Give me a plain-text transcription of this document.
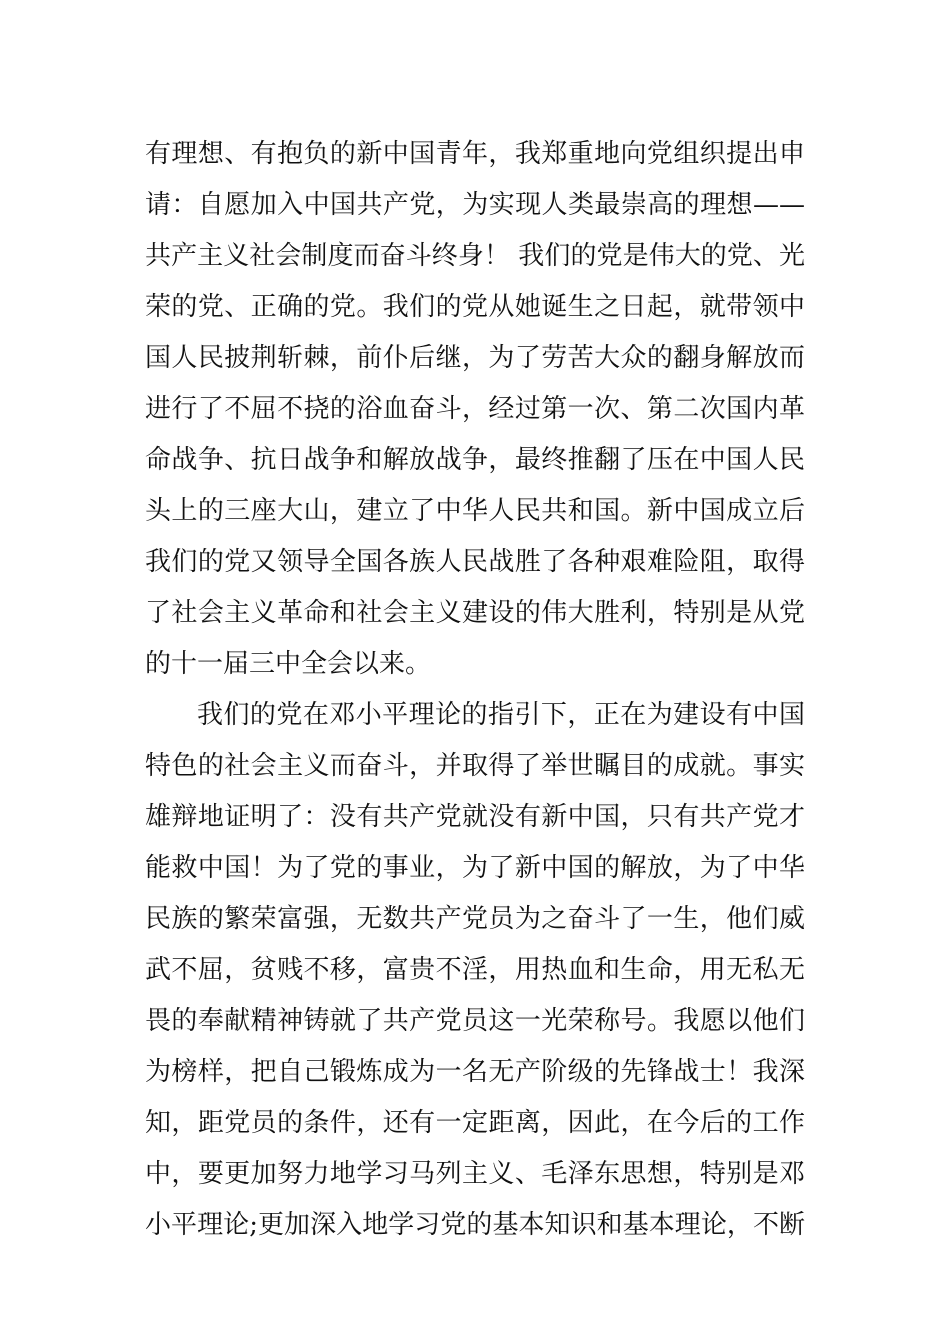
有理想、有抱负的新中国青年，我郑重地向党组织提出申
请：自愿加入中国共产党，为实现人类最崇高的理想——
共产主义社会制度而奋斗终身！ 我们的党是伟大的党、光
荣的党、正确的党。我们的党从她诞生之日起，就带领中
国人民披荆斩棘，前仆后继，为了劳苦大众的翻身解放而
进行了不屈不挠的浴血奋斗，经过第一次、第二次国内革
命战争、抗日战争和解放战争，最终推翻了压在中国人民
头上的三座大山，建立了中华人民共和国。新中国成立后
我们的党又领导全国各族人民战胜了各种艰难险阻，取得
了社会主义革命和社会主义建设的伟大胜利，特别是从党
的十一届三中全会以来。
我们的党在邓小平理论的指引下，正在为建设有中国
特色的社会主义而奋斗，并取得了举世瞩目的成就。事实
雄辩地证明了：没有共产党就没有新中国，只有共产党才
能救中国！为了党的事业，为了新中国的解放，为了中华
民族的繁荣富强，无数共产党员为之奋斗了一生，他们威
武不屈，贫贱不移，富贵不淫，用热血和生命，用无私无
畏的奉献精神铸就了共产党员这一光荣称号。我愿以他们
为榜样，把自己锻炼成为一名无产阶级的先锋战士！我深
知，距党员的条件，还有一定距离，因此，在今后的工作
中，要更加努力地学习马列主义、毛泽东思想，特别是邓
小平理论;更加深入地学习党的基本知识和基本理论，不断
